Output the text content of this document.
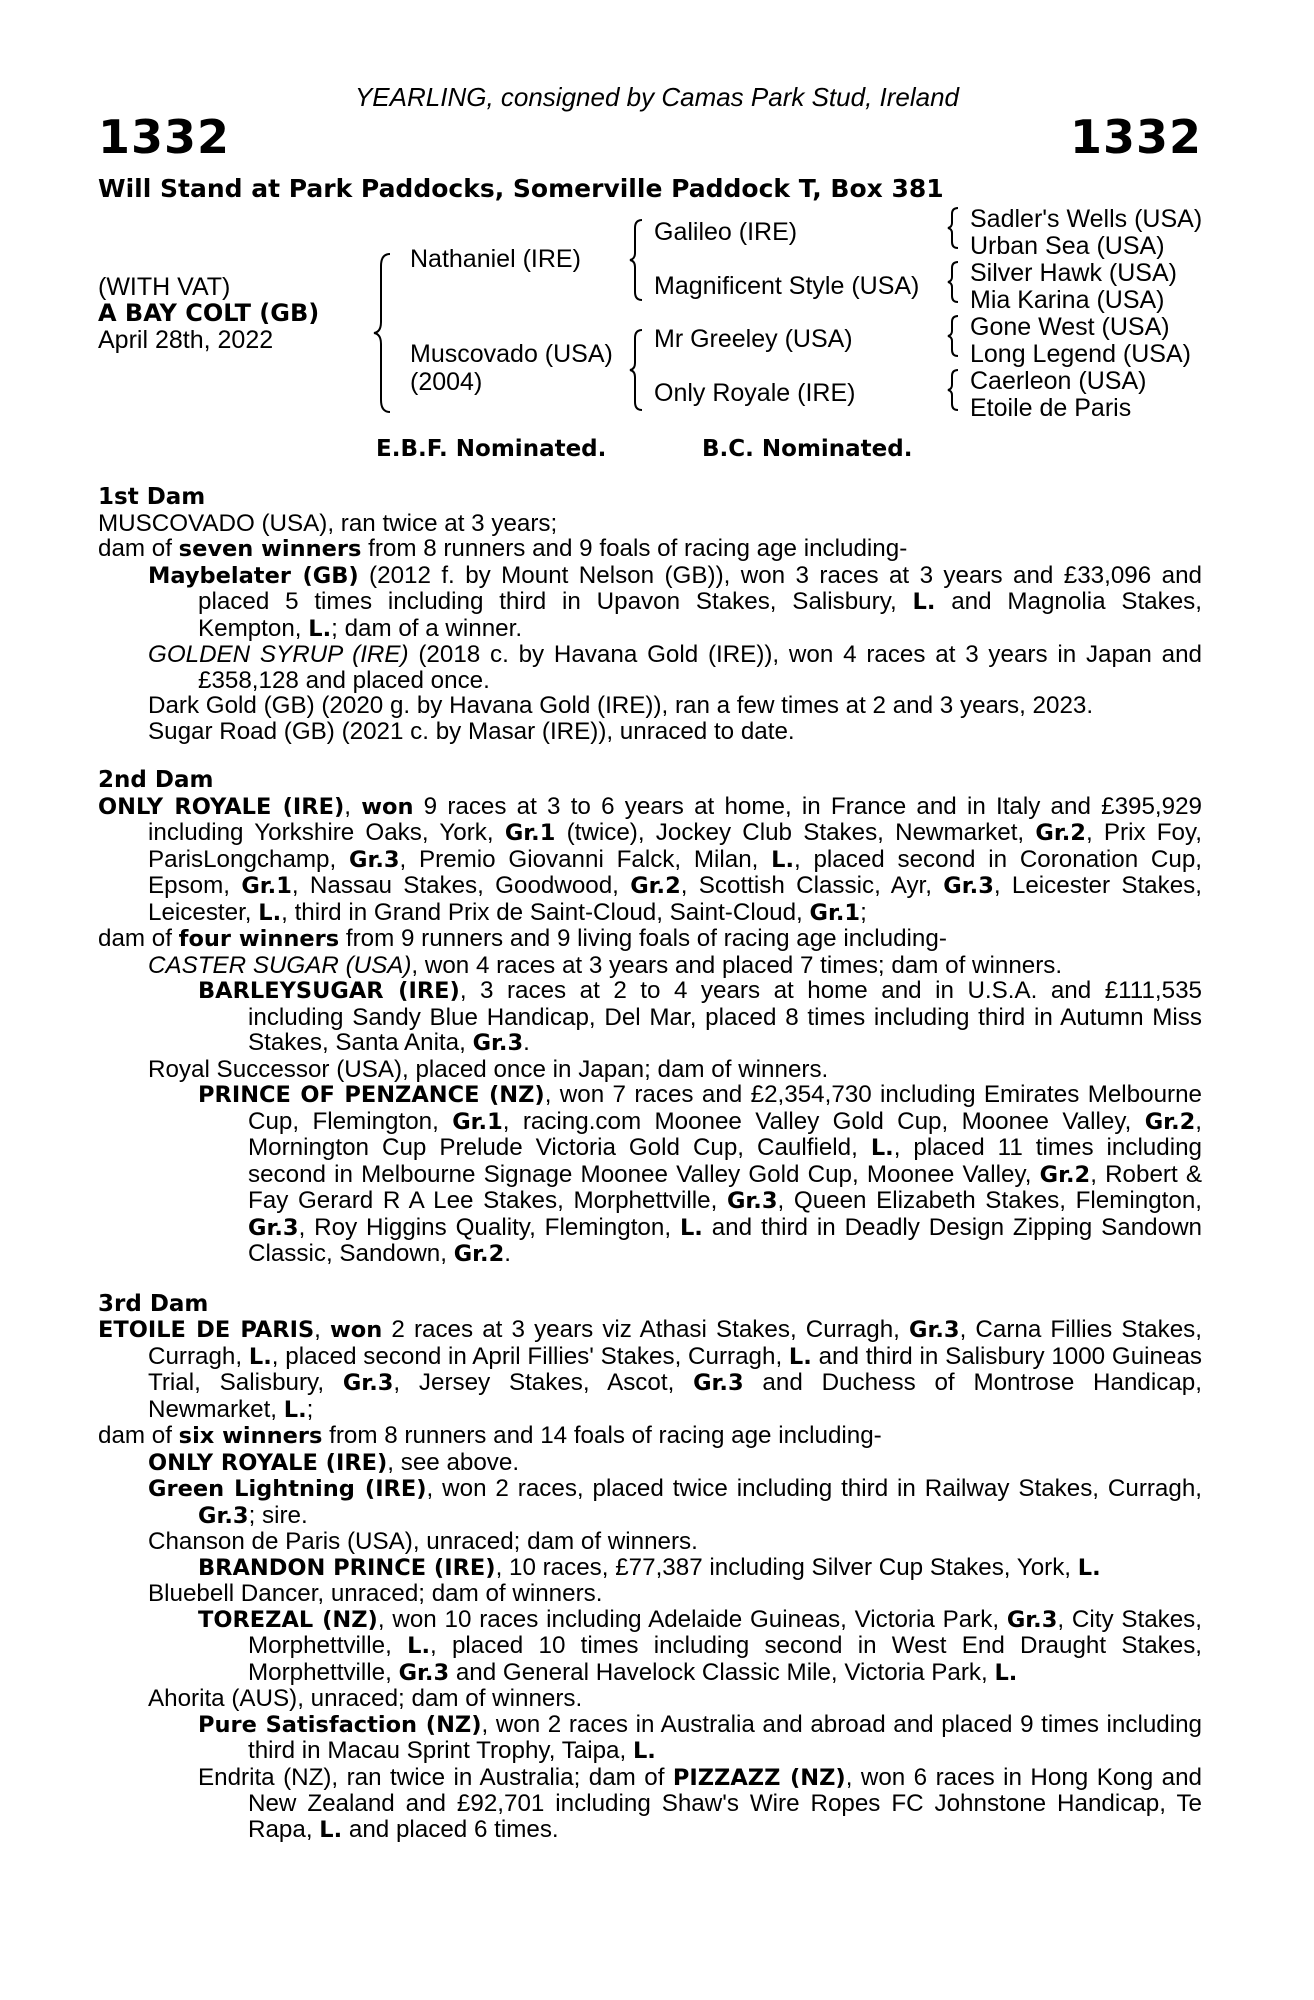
YEARLING, consigned by Camas Park Stud, Ireland
1332	1332
Will Stand at Park Paddocks, Somerville Paddock T, Box 381
(WITH VAT)
A BAY COLT (GB)
April 28th, 2022
Nathaniel (IRE)
Muscovado (USA)
(2004)
Galileo (IRE)
Magnificent Style (USA)
Mr Greeley (USA)
Only Royale (IRE)
Sadler's Wells (USA)
Urban Sea (USA)
Silver Hawk (USA)
Mia Karina (USA)
Gone West (USA)
Long Legend (USA)
Caerleon (USA)
Etoile de Paris
E.B.F. Nominated.	B.C. Nominated.
1st Dam
MUSCOVADO (USA), ran twice at 3 years;
dam of seven winners from 8 runners and 9 foals of racing age including-
Maybelater (GB) (2012 f. by Mount Nelson (GB)), won 3 races at 3 years and £33,096 and placed 5 times including third in Upavon Stakes, Salisbury, L. and Magnolia Stakes, Kempton, L.; dam of a winner.
GOLDEN SYRUP (IRE) (2018 c. by Havana Gold (IRE)), won 4 races at 3 years in Japan and £358,128 and placed once.
Dark Gold (GB) (2020 g. by Havana Gold (IRE)), ran a few times at 2 and 3 years, 2023.
Sugar Road (GB) (2021 c. by Masar (IRE)), unraced to date.
2nd Dam
ONLY ROYALE (IRE), won 9 races at 3 to 6 years at home, in France and in Italy and £395,929 including Yorkshire Oaks, York, Gr.1 (twice), Jockey Club Stakes, Newmarket, Gr.2, Prix Foy, ParisLongchamp, Gr.3, Premio Giovanni Falck, Milan, L., placed second in Coronation Cup, Epsom, Gr.1, Nassau Stakes, Goodwood, Gr.2, Scottish Classic, Ayr, Gr.3, Leicester Stakes, Leicester, L., third in Grand Prix de Saint-Cloud, Saint-Cloud, Gr.1;
dam of four winners from 9 runners and 9 living foals of racing age including-
CASTER SUGAR (USA), won 4 races at 3 years and placed 7 times; dam of winners.
BARLEYSUGAR (IRE), 3 races at 2 to 4 years at home and in U.S.A. and £111,535 including Sandy Blue Handicap, Del Mar, placed 8 times including third in Autumn Miss Stakes, Santa Anita, Gr.3.
Royal Successor (USA), placed once in Japan; dam of winners.
PRINCE OF PENZANCE (NZ), won 7 races and £2,354,730 including Emirates Melbourne Cup, Flemington, Gr.1, racing.com Moonee Valley Gold Cup, Moonee Valley, Gr.2, Mornington Cup Prelude Victoria Gold Cup, Caulfield, L., placed 11 times including second in Melbourne Signage Moonee Valley Gold Cup, Moonee Valley, Gr.2, Robert & Fay Gerard R A Lee Stakes, Morphettville, Gr.3, Queen Elizabeth Stakes, Flemington, Gr.3, Roy Higgins Quality, Flemington, L. and third in Deadly Design Zipping Sandown Classic, Sandown, Gr.2.
3rd Dam
ETOILE DE PARIS, won 2 races at 3 years viz Athasi Stakes, Curragh, Gr.3, Carna Fillies Stakes, Curragh, L., placed second in April Fillies' Stakes, Curragh, L. and third in Salisbury 1000 Guineas Trial, Salisbury, Gr.3, Jersey Stakes, Ascot, Gr.3 and Duchess of Montrose Handicap, Newmarket, L.;
dam of six winners from 8 runners and 14 foals of racing age including-
ONLY ROYALE (IRE), see above.
Green Lightning (IRE), won 2 races, placed twice including third in Railway Stakes, Curragh, Gr.3; sire.
Chanson de Paris (USA), unraced; dam of winners.
BRANDON PRINCE (IRE), 10 races, £77,387 including Silver Cup Stakes, York, L.
Bluebell Dancer, unraced; dam of winners.
TOREZAL (NZ), won 10 races including Adelaide Guineas, Victoria Park, Gr.3, City Stakes, Morphettville, L., placed 10 times including second in West End Draught Stakes, Morphettville, Gr.3 and General Havelock Classic Mile, Victoria Park, L.
Ahorita (AUS), unraced; dam of winners.
Pure Satisfaction (NZ), won 2 races in Australia and abroad and placed 9 times including third in Macau Sprint Trophy, Taipa, L.
Endrita (NZ), ran twice in Australia; dam of PIZZAZZ (NZ), won 6 races in Hong Kong and New Zealand and £92,701 including Shaw's Wire Ropes FC Johnstone Handicap, Te Rapa, L. and placed 6 times.
